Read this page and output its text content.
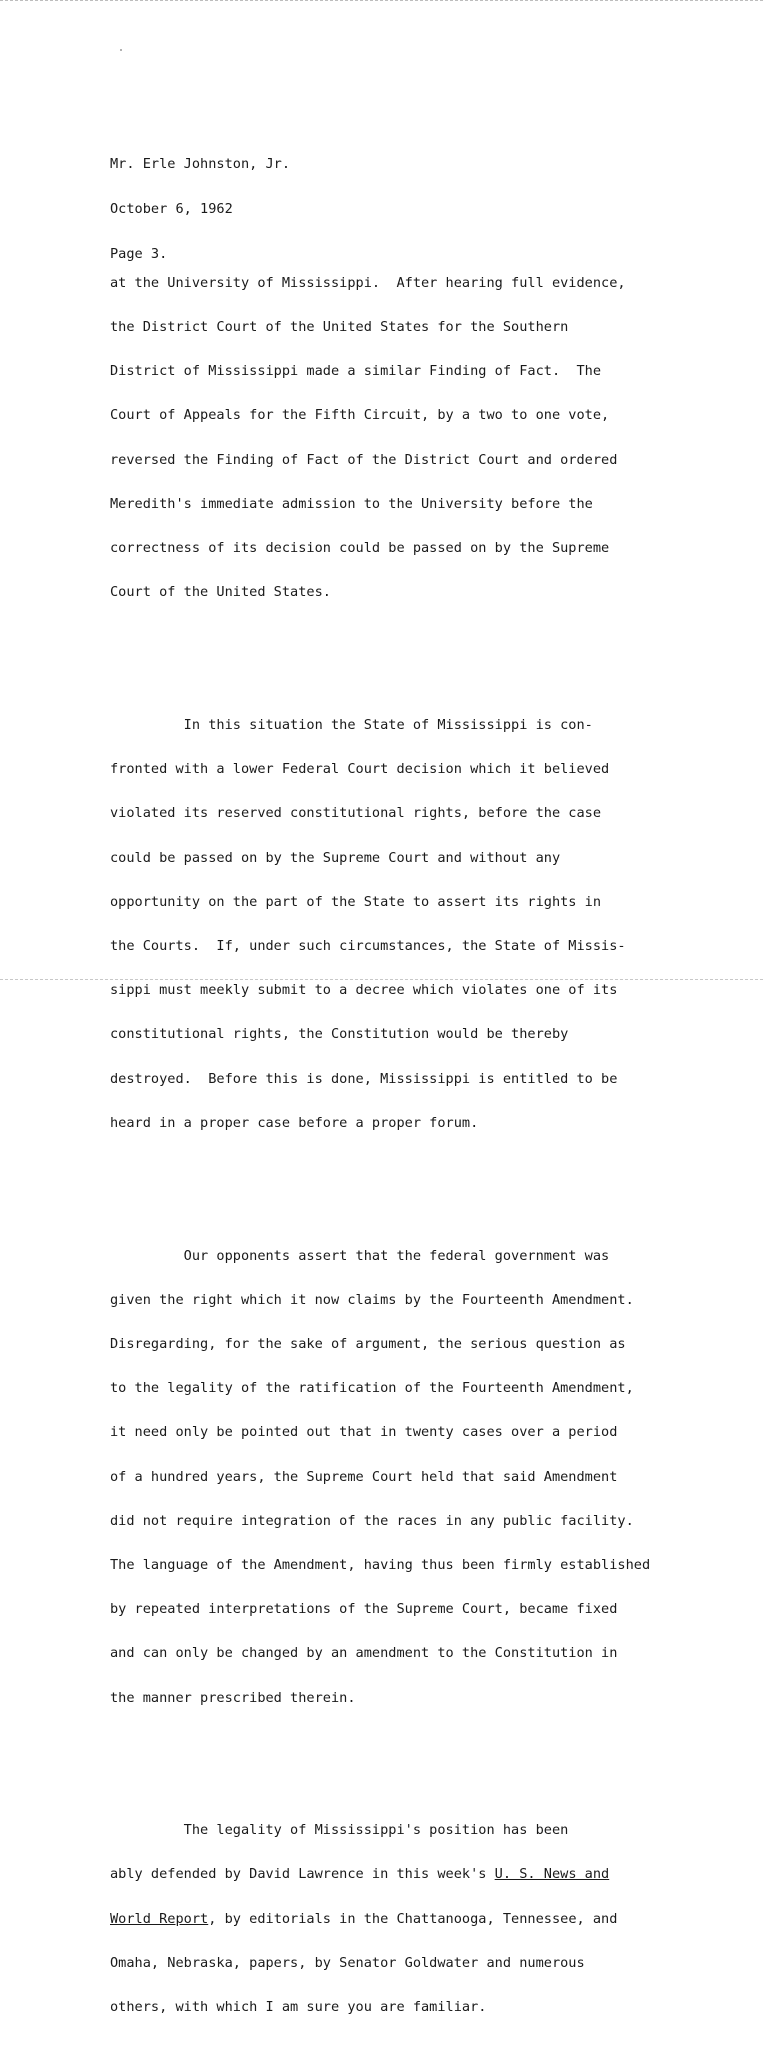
Mr. Erle Johnston, Jr.

October 6, 1962

Page 3.

at the University of Mississippi.  After hearing full evidence,

the District Court of the United States for the Southern

District of Mississippi made a similar Finding of Fact.  The

Court of Appeals for the Fifth Circuit, by a two to one vote,

reversed the Finding of Fact of the District Court and ordered

Meredith's immediate admission to the University before the

correctness of its decision could be passed on by the Supreme

Court of the United States.

In this situation the State of Mississippi is con-

fronted with a lower Federal Court decision which it believed

violated its reserved constitutional rights, before the case

could be passed on by the Supreme Court and without any

opportunity on the part of the State to assert its rights in

the Courts.  If, under such circumstances, the State of Missis-

sippi must meekly submit to a decree which violates one of its

constitutional rights, the Constitution would be thereby

destroyed.  Before this is done, Mississippi is entitled to be

heard in a proper case before a proper forum.

Our opponents assert that the federal government was

given the right which it now claims by the Fourteenth Amendment.

Disregarding, for the sake of argument, the serious question as

to the legality of the ratification of the Fourteenth Amendment,

it need only be pointed out that in twenty cases over a period

of a hundred years, the Supreme Court held that said Amendment

did not require integration of the races in any public facility.

The language of the Amendment, having thus been firmly established

by repeated interpretations of the Supreme Court, became fixed

and can only be changed by an amendment to the Constitution in

the manner prescribed therein.

The legality of Mississippi's position has been

ably defended by David Lawrence in this week's U. S. News and

World Report, by editorials in the Chattanooga, Tennessee, and

Omaha, Nebraska, papers, by Senator Goldwater and numerous

others, with which I am sure you are familiar.
